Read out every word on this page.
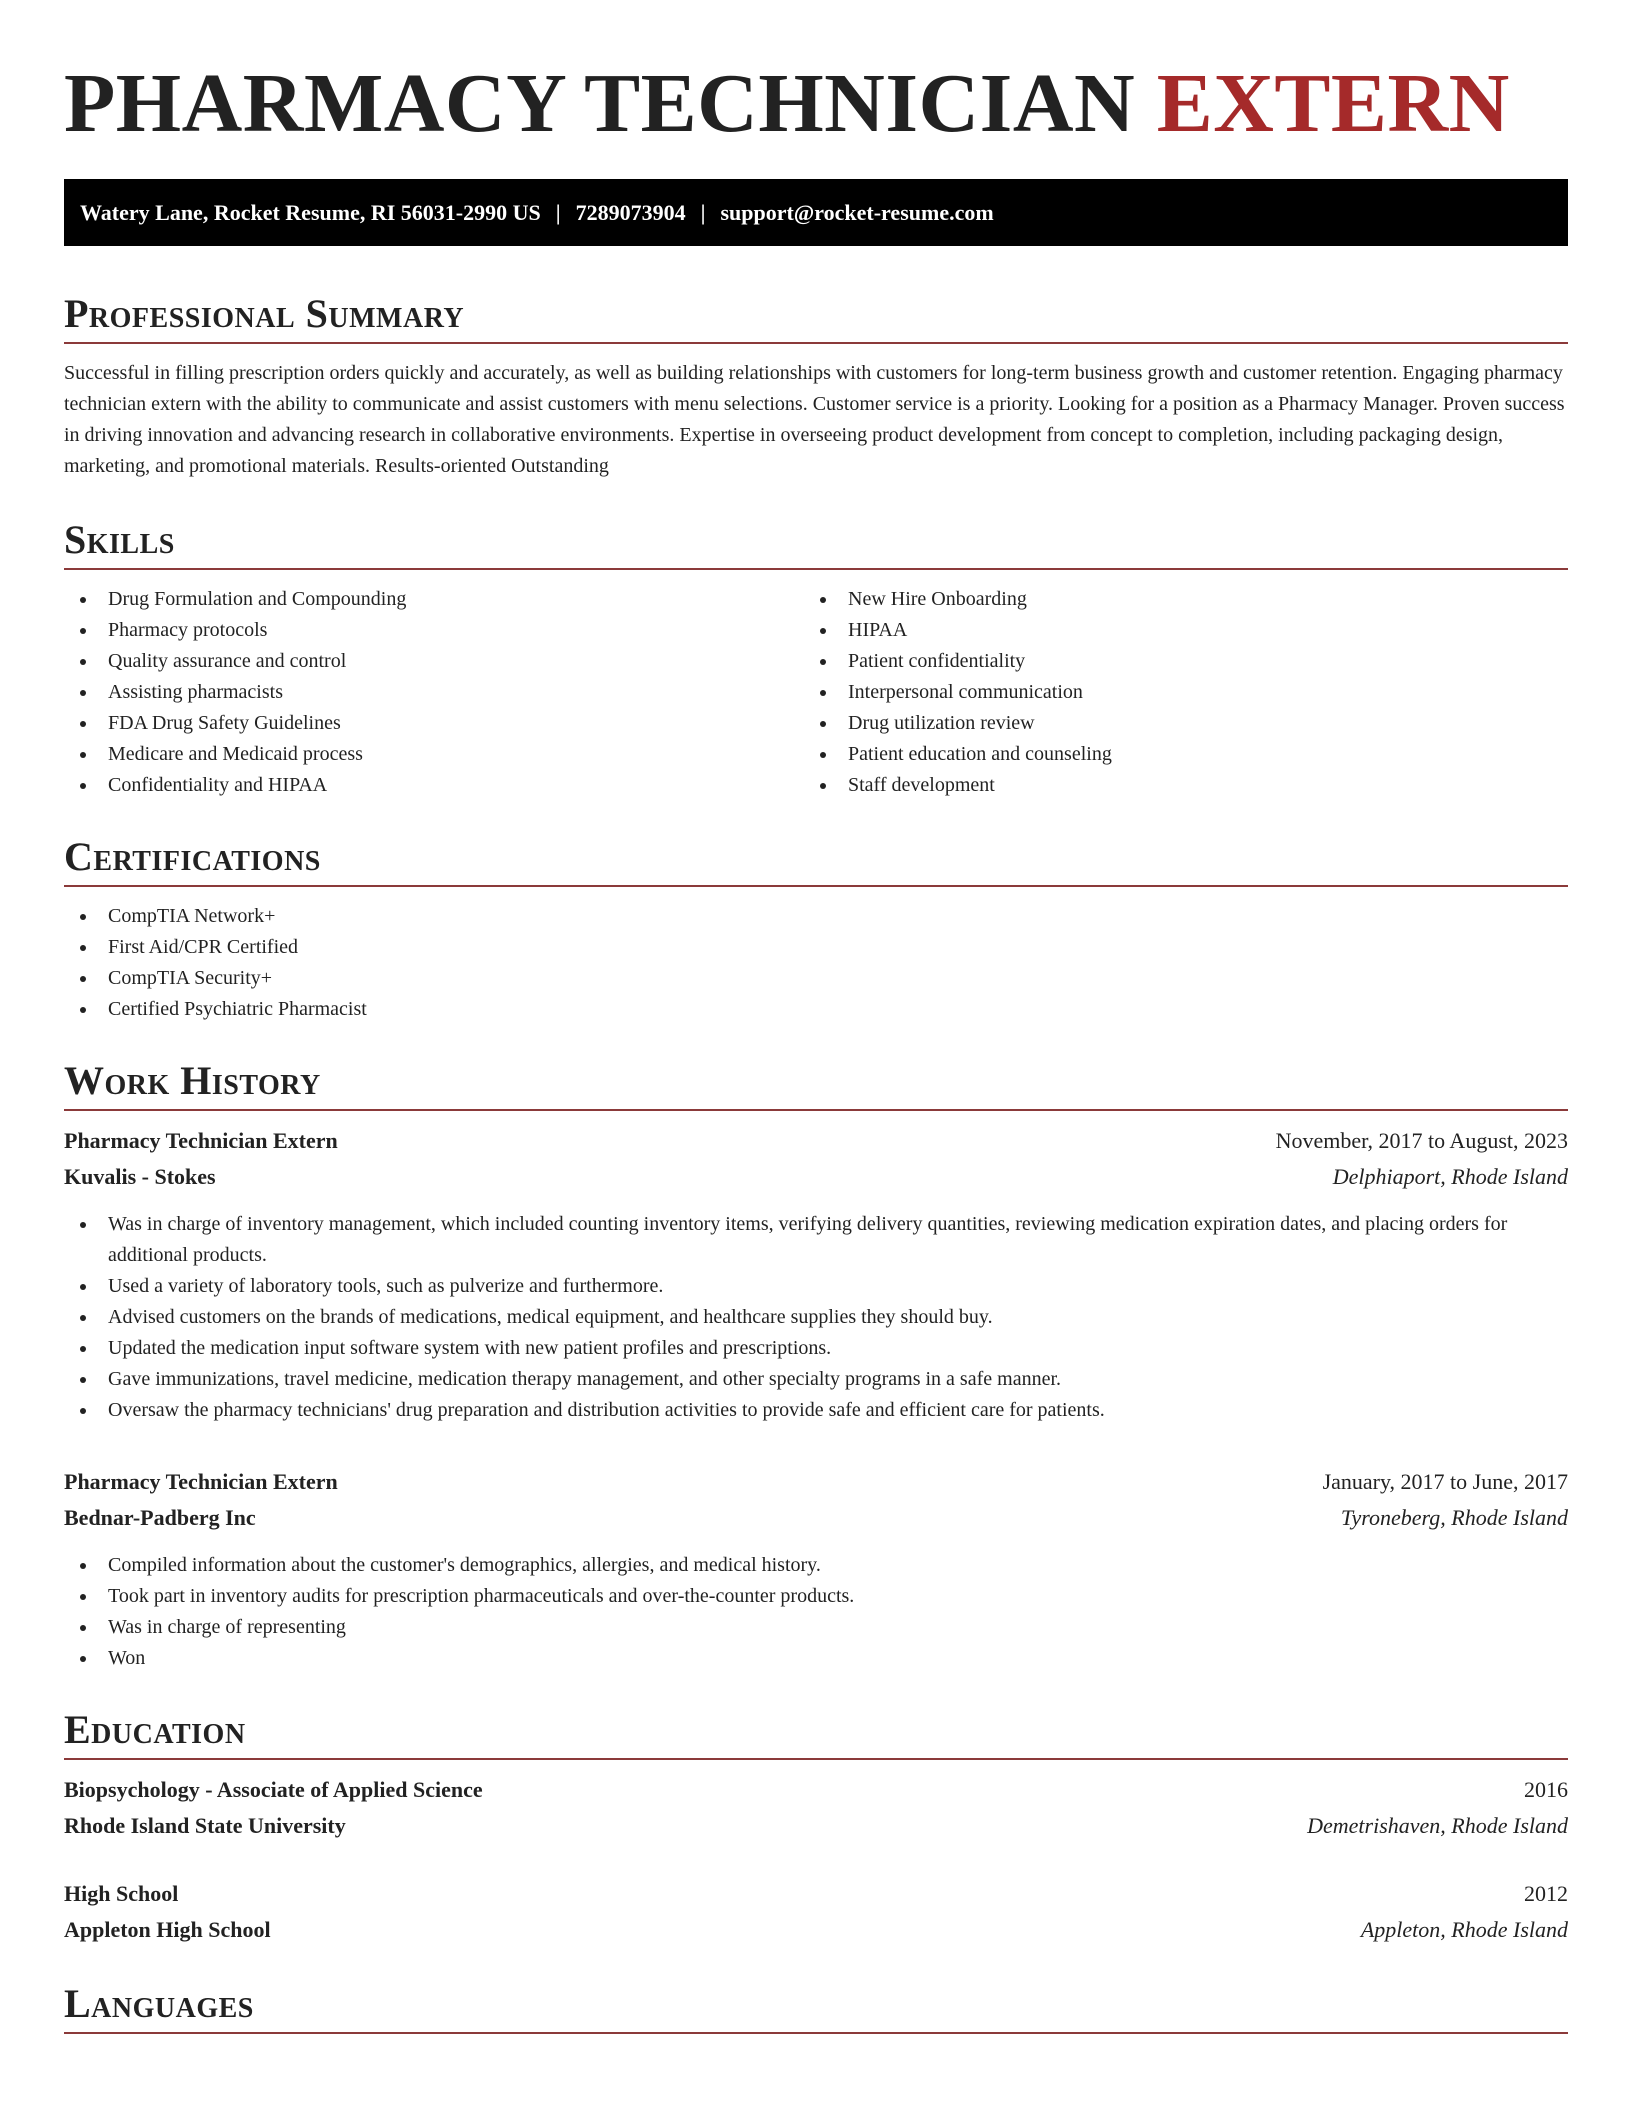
PHARMACY TECHNICIAN EXTERN
Watery Lane, Rocket Resume, RI 56031-2990 US | 7289073904 | support@rocket-resume.com
Professional Summary

Successful in filling prescription orders quickly and accurately, as well as building relationships with customers for long-term business growth and customer retention. Engaging pharmacy technician extern with the ability to communicate and assist customers with menu selections. Customer service is a priority. Looking for a position as a Pharmacy Manager. Proven success in driving innovation and advancing research in collaborative environments. Expertise in overseeing product development from concept to completion, including packaging design, marketing, and promotional materials. Results-oriented Outstanding

Skills
Drug Formulation and Compounding
Pharmacy protocols
Quality assurance and control
Assisting pharmacists
FDA Drug Safety Guidelines
Medicare and Medicaid process
Confidentiality and HIPAA
New Hire Onboarding
HIPAA
Patient confidentiality
Interpersonal communication
Drug utilization review
Patient education and counseling
Staff development
Certifications
CompTIA Network+
First Aid/CPR Certified
CompTIA Security+
Certified Psychiatric Pharmacist
Work History
Pharmacy Technician Extern	November, 2017 to August, 2023
Kuvalis - Stokes	Delphiaport, Rhode Island
Was in charge of inventory management, which included counting inventory items, verifying delivery quantities, reviewing medication expiration dates, and placing orders for additional products.
Used a variety of laboratory tools, such as pulverize and furthermore.
Advised customers on the brands of medications, medical equipment, and healthcare supplies they should buy.
Updated the medication input software system with new patient profiles and prescriptions.
Gave immunizations, travel medicine, medication therapy management, and other specialty programs in a safe manner.
Oversaw the pharmacy technicians' drug preparation and distribution activities to provide safe and efficient care for patients.
Pharmacy Technician Extern	January, 2017 to June, 2017
Bednar-Padberg Inc	Tyroneberg, Rhode Island
Compiled information about the customer's demographics, allergies, and medical history.
Took part in inventory audits for prescription pharmaceuticals and over-the-counter products.
Was in charge of representing
Won
Education
Biopsychology - Associate of Applied Science	2016
Rhode Island State University	Demetrishaven, Rhode Island
High School	2012
Appleton High School	Appleton, Rhode Island
Languages
